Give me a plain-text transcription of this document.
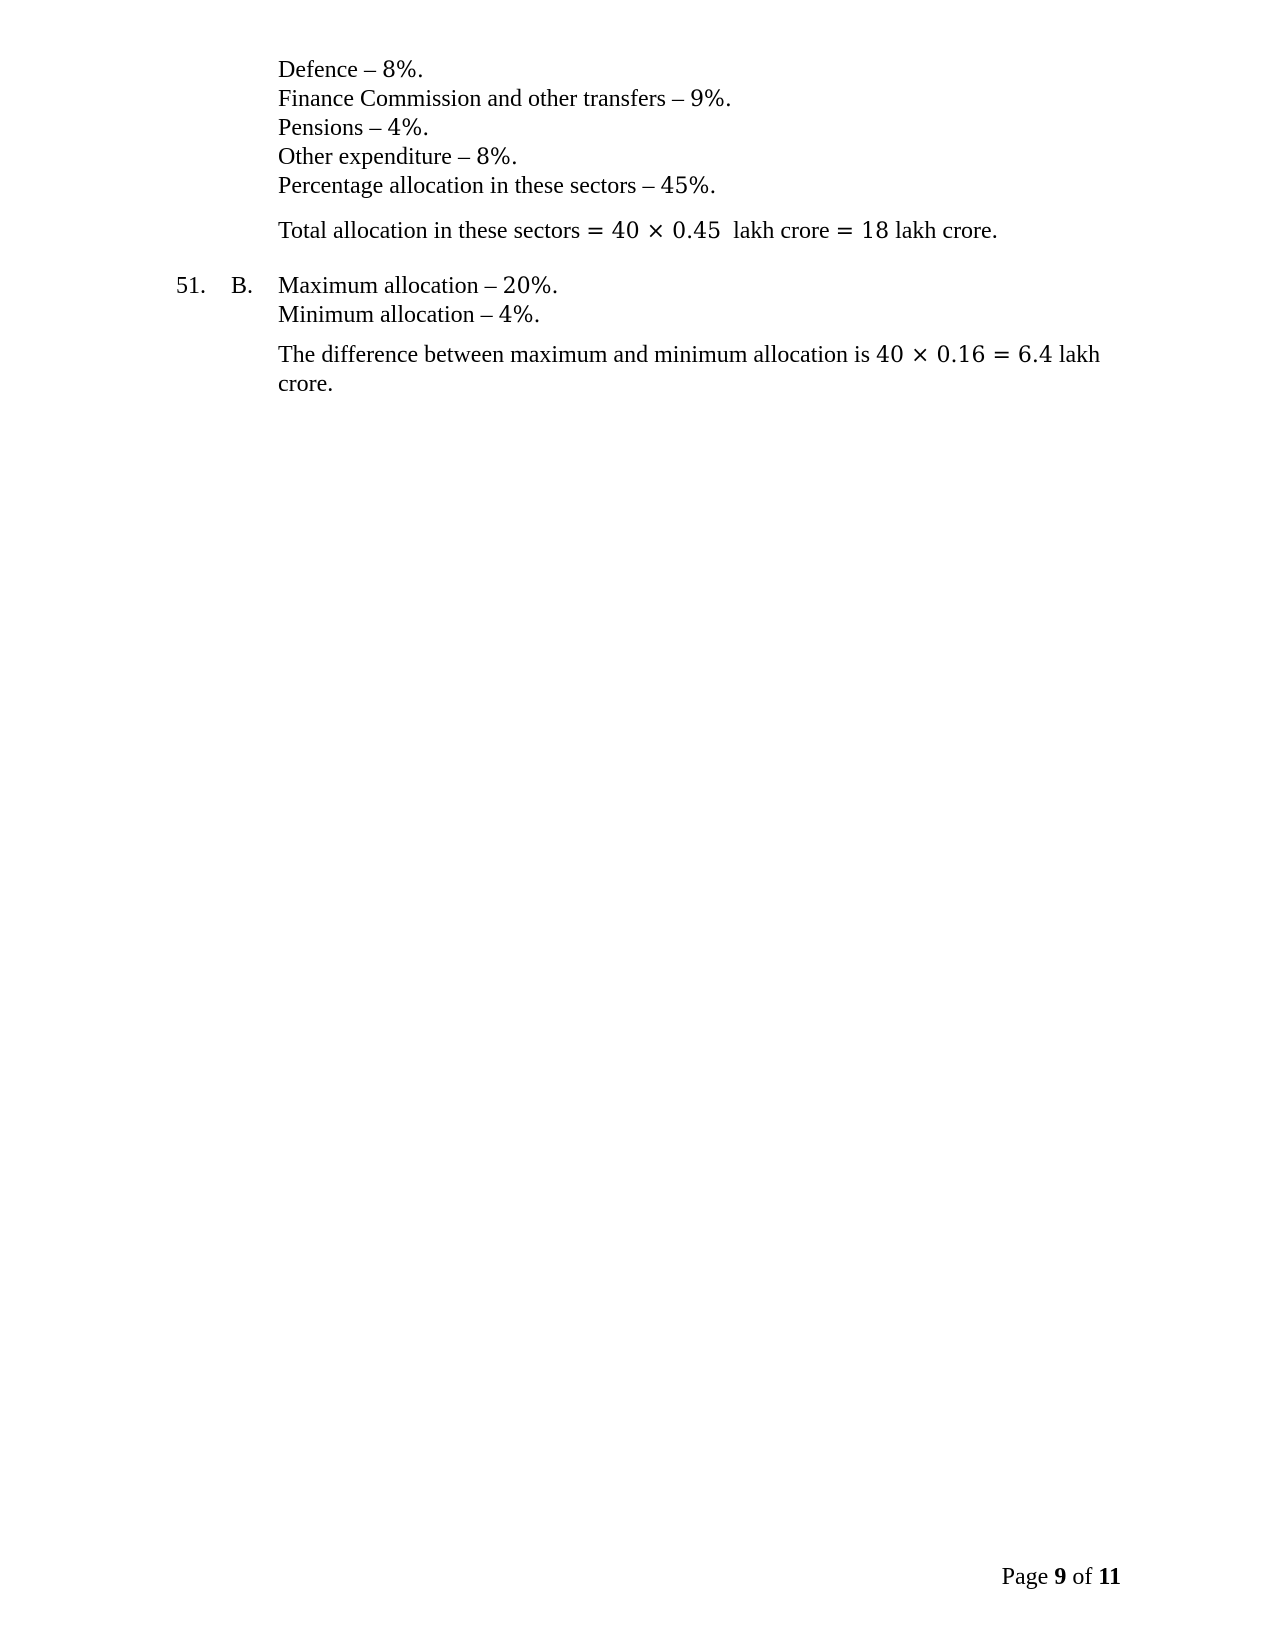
Defence – 8%.
Finance Commission and other transfers – 9%.
Pensions – 4%.
Other expenditure – 8%.
Percentage allocation in these sectors – 45%.
Total allocation in these sectors = 40 × 0.45  lakh crore = 18 lakh crore.
51. B. Maximum allocation – 20%.
Minimum allocation – 4%.
The difference between maximum and minimum allocation is 40 × 0.16 = 6.4 lakh
crore.
Page 9 of 11
